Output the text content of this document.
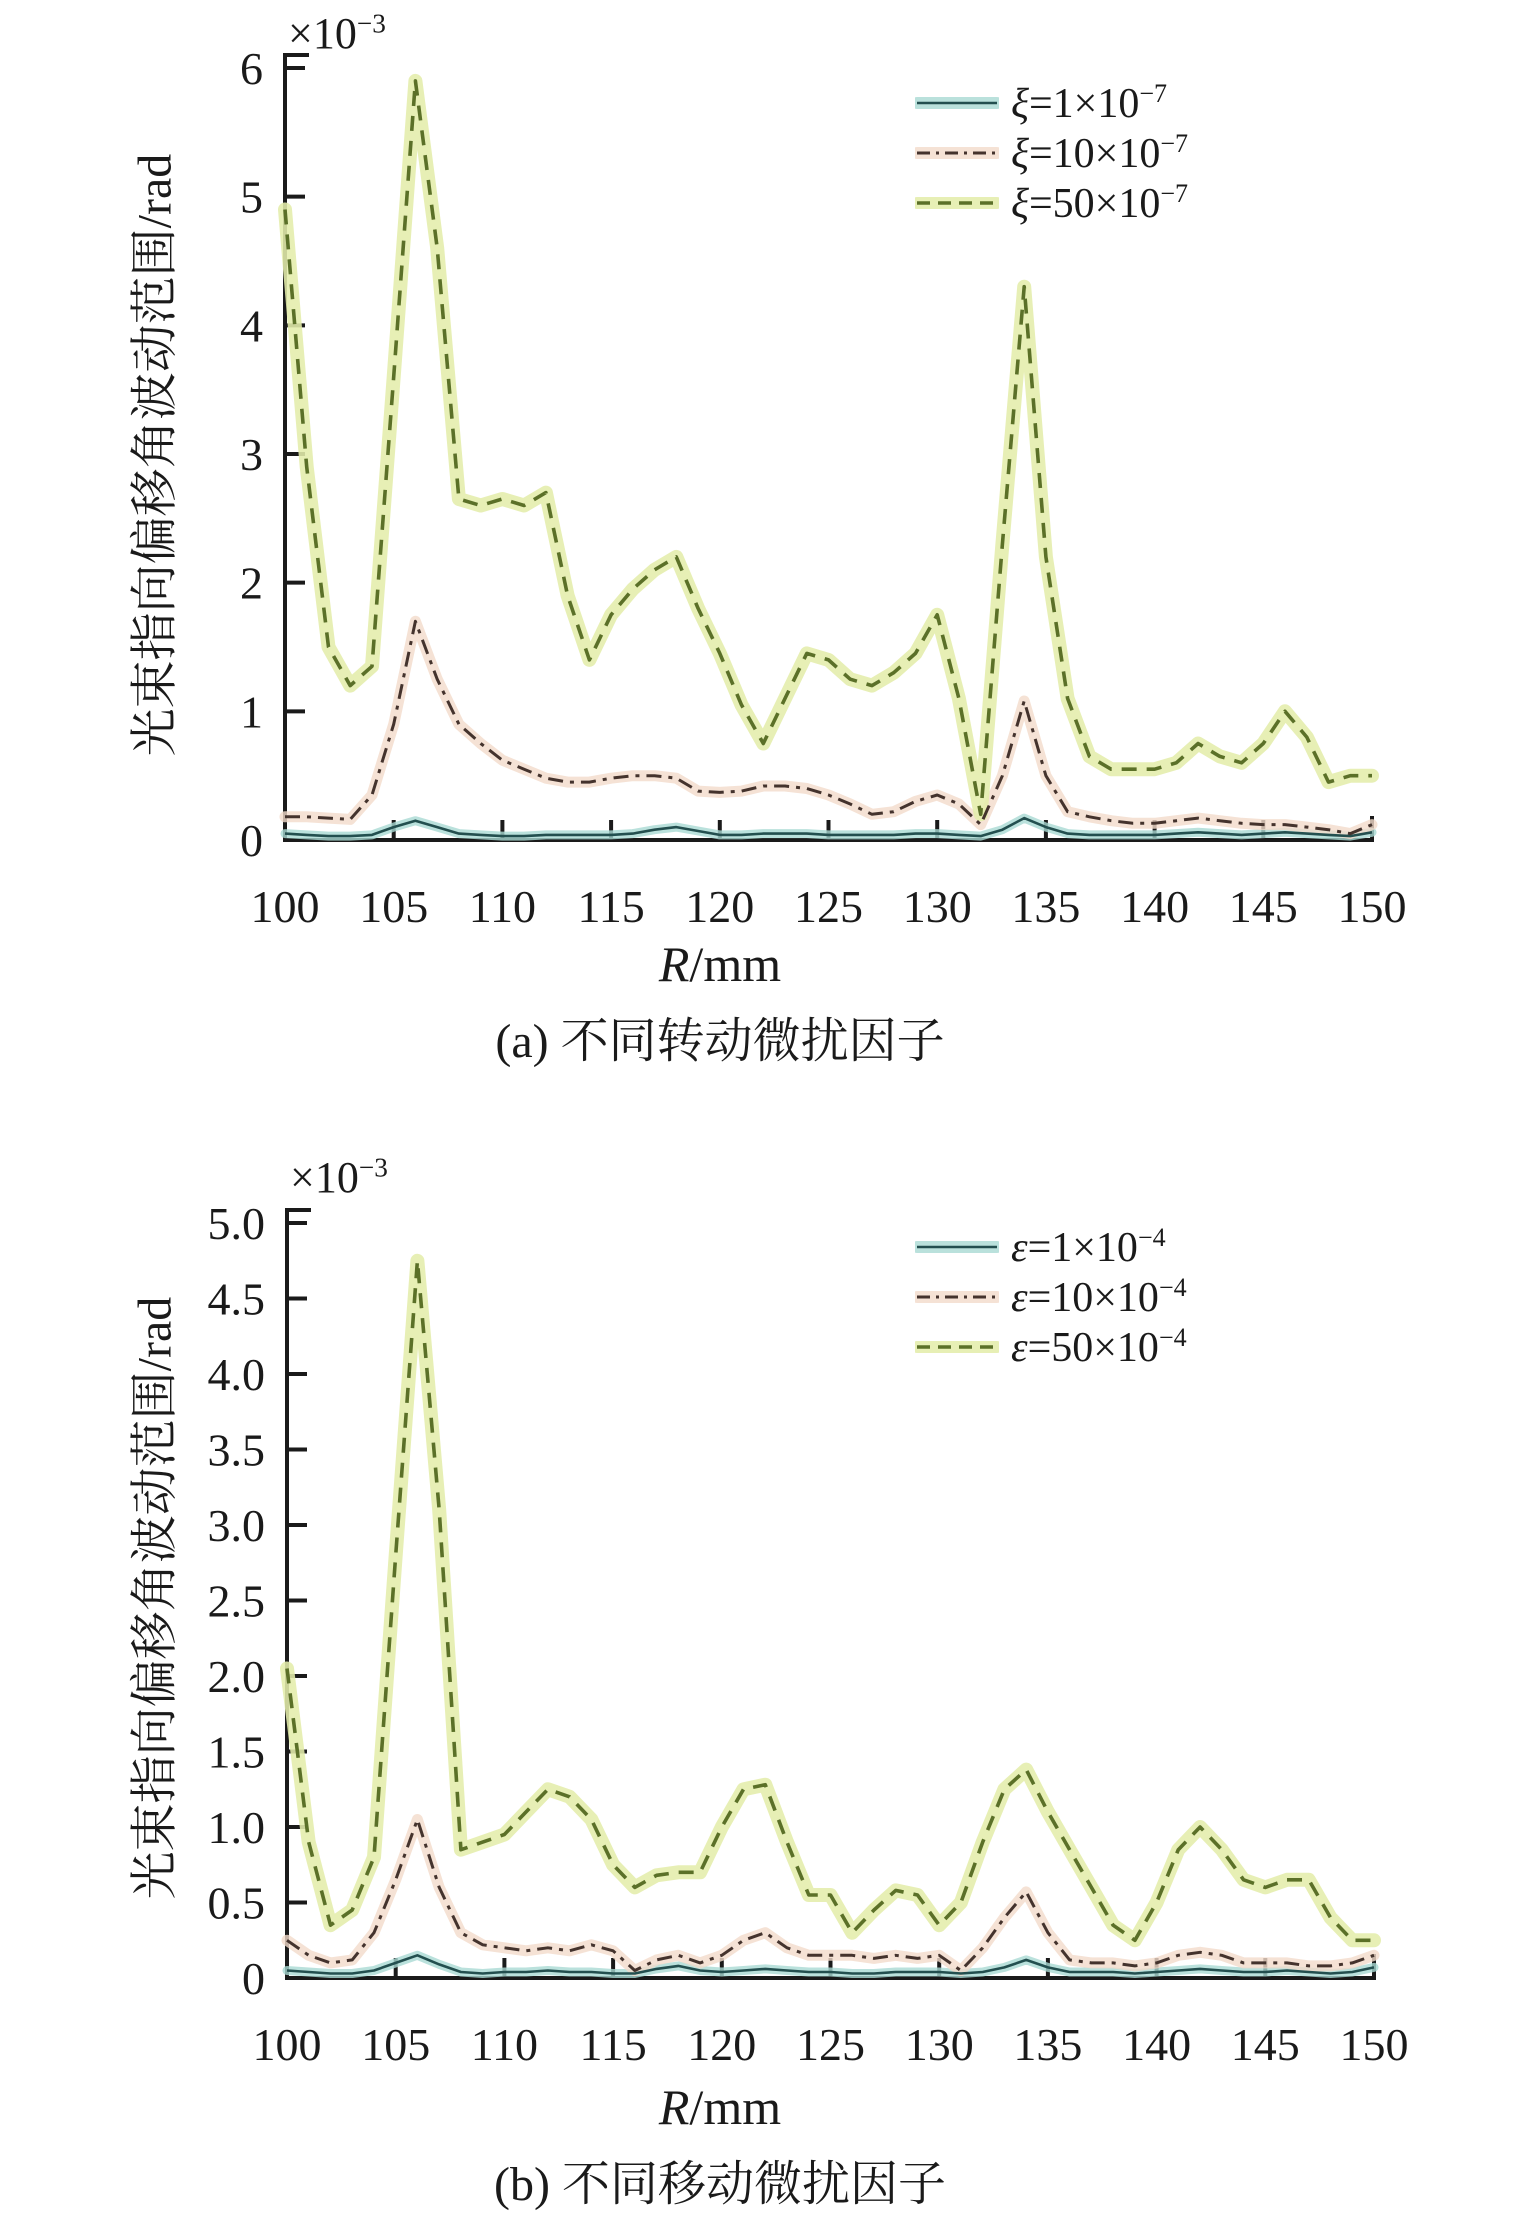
0
1
2
3
4
5
6
100 105 110 115 120 125 130 135 140 145 150
0
0.5
1.0
1.5
2.0
2.5
3.0
3.5
4.0
4.5
5.0
100 105 110 115 120 125 130 135 140 145 150
$\times 10^{-3}$
光束指向偏移角波动范围/rad
$\xi=1\times 10^{-7}$
$\xi=10\times 10^{-7}$
$\xi=50\times 10^{-7}$
R/mm
(a) 不同转动微扰因子
$\times 10^{-3}$
光束指向偏移角波动范围/rad
$\varepsilon=1\times 10^{-4}$
$\varepsilon=10\times 10^{-4}$
$\varepsilon=50\times 10^{-4}$
R/mm
(b) 不同移动微扰因子
